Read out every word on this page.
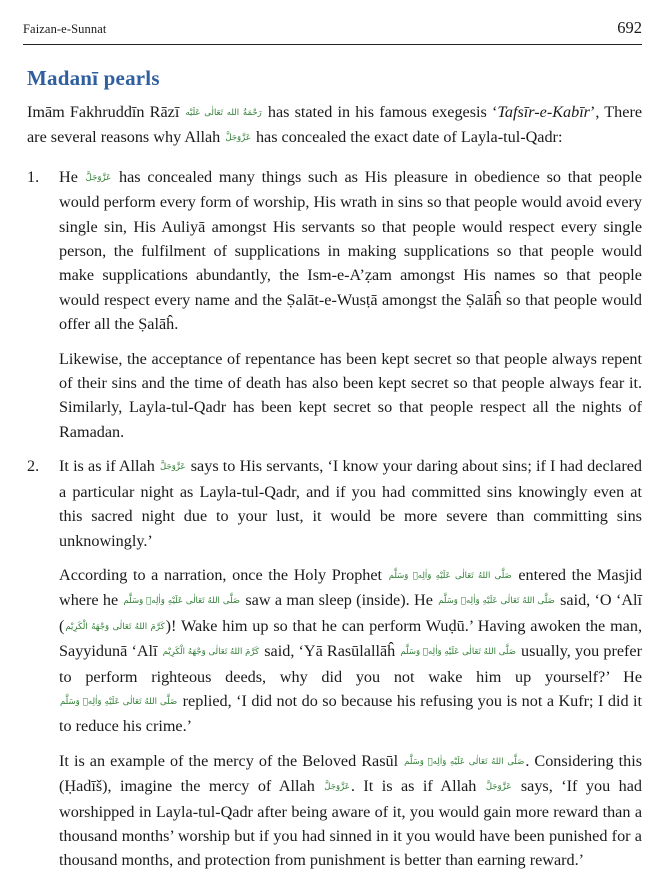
Faizan-e-Sunnat	692
Madanī pearls

Imām Fakhruddīn Rāzī رَحْمَةُ الله تَعَالٰی عَلَيْه has stated in his famous exegesis ‘Tafsīr-e-Kabīr’, There are several reasons why Allah عَزَّوَجَلَّ has concealed the exact date of Layla-tul-Qadr:

1.	He عَزَّوَجَلَّ has concealed many things such as His pleasure in obedience so that people would perform every form of worship, His wrath in sins so that people would avoid every single sin, His Auliyā amongst His servants so that people would respect every single person, the fulfilment of supplications in making supplications so that people would make supplications abundantly, the Ism-e-A’ẓam amongst His names so that people would respect every name and the Ṣalāt-e-Wusṭā amongst the Ṣalāĥ so that people would offer all the Ṣalāĥ.

Likewise, the acceptance of repentance has been kept secret so that people always repent of their sins and the time of death has also been kept secret so that people always fear it. Similarly, Layla-tul-Qadr has been kept secret so that people respect all the nights of Ramadan.

2.	It is as if Allah عَزَّوَجَلَّ says to His servants, ‘I know your daring about sins; if I had declared a particular night as Layla-tul-Qadr, and if you had committed sins knowingly even at this sacred night due to your lust, it would be more severe than committing sins unknowingly.’

According to a narration, once the Holy Prophet صَلَّى اللهُ تَعَالٰى عَلَيْهِ وَاٰلِهٖ وَسَلَّم entered the Masjid where he صَلَّى اللهُ تَعَالٰى عَلَيْهِ وَاٰلِهٖ وَسَلَّم saw a man sleep (inside). He صَلَّى اللهُ تَعَالٰى عَلَيْهِ وَاٰلِهٖ وَسَلَّم said, ‘O ‘Alī (كَرَّمَ اللهُ تَعَالٰى وَجْهَهُ الْكَرِيْم)! Wake him up so that he can perform Wuḍū.’ Having awoken the man, Sayyidunā ‘Alī كَرَّمَ اللهُ تَعَالٰى وَجْهَهُ الْكَرِيْم said, ‘Yā Rasūlallāĥ صَلَّى اللهُ تَعَالٰى عَلَيْهِ وَاٰلِهٖ وَسَلَّم usually, you prefer to perform righteous deeds, why did you not wake him up yourself?’ He صَلَّى اللهُ تَعَالٰى عَلَيْهِ وَاٰلِهٖ وَسَلَّم replied, ‘I did not do so because his refusing you is not a Kufr; I did it to reduce his crime.’

It is an example of the mercy of the Beloved Rasūl صَلَّى اللهُ تَعَالٰى عَلَيْهِ وَاٰلِهٖ وَسَلَّم. Considering this (Ḥadīš), imagine the mercy of Allah عَزَّوَجَلَّ. It is as if Allah عَزَّوَجَلَّ says, ‘If you had worshipped in Layla-tul-Qadr after being aware of it, you would gain more reward than a thousand months’ worship but if you had sinned in it you would have been punished for a thousand months, and protection from punishment is better than earning reward.’
